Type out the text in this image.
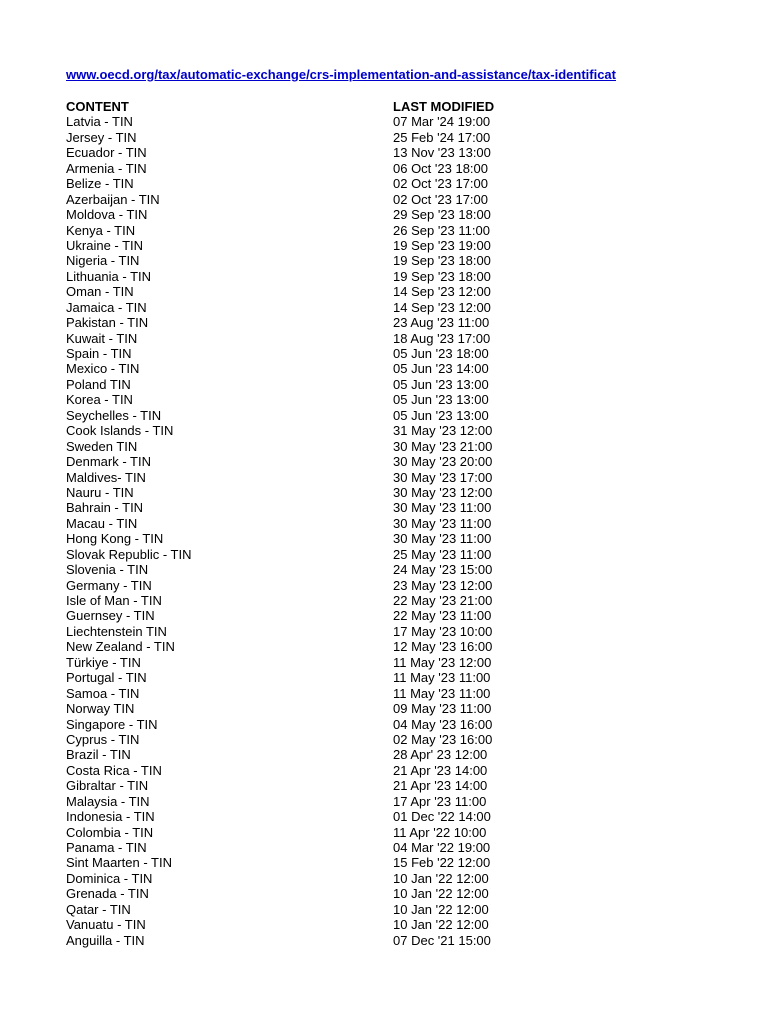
www.oecd.org/tax/automatic-exchange/crs-implementation-and-assistance/tax-identificat
CONTENT	LAST MODIFIED
Latvia - TIN	07 Mar '24 19:00
Jersey - TIN	25 Feb '24 17:00
Ecuador - TIN	13 Nov '23 13:00
Armenia - TIN	06 Oct '23 18:00
Belize - TIN	02 Oct '23 17:00
Azerbaijan - TIN	02 Oct '23 17:00
Moldova - TIN	29 Sep '23 18:00
Kenya - TIN	26 Sep '23 11:00
Ukraine - TIN	19 Sep '23 19:00
Nigeria - TIN	19 Sep '23 18:00
Lithuania - TIN	19 Sep '23 18:00
Oman - TIN	14 Sep '23 12:00
Jamaica - TIN	14 Sep '23 12:00
Pakistan - TIN	23 Aug '23 11:00
Kuwait - TIN	18 Aug '23 17:00
Spain - TIN	05 Jun '23 18:00
Mexico - TIN	05 Jun '23 14:00
Poland TIN	05 Jun '23 13:00
Korea - TIN	05 Jun '23 13:00
Seychelles - TIN	05 Jun '23 13:00
Cook Islands - TIN	31 May '23 12:00
Sweden TIN	30 May '23 21:00
Denmark - TIN	30 May '23 20:00
Maldives- TIN	30 May '23 17:00
Nauru - TIN	30 May '23 12:00
Bahrain - TIN	30 May '23 11:00
Macau - TIN	30 May '23 11:00
Hong Kong - TIN	30 May '23 11:00
Slovak Republic - TIN	25 May '23 11:00
Slovenia - TIN	24 May '23 15:00
Germany - TIN	23 May '23 12:00
Isle of Man - TIN	22 May '23 21:00
Guernsey - TIN	22 May '23 11:00
Liechtenstein TIN	17 May '23 10:00
New Zealand - TIN	12 May '23 16:00
Türkiye - TIN	11 May '23 12:00
Portugal - TIN	11 May '23 11:00
Samoa - TIN	11 May '23 11:00
Norway TIN	09 May '23 11:00
Singapore - TIN	04 May '23 16:00
Cyprus - TIN	02 May '23 16:00
Brazil - TIN	28 Apr' 23 12:00
Costa Rica - TIN	21 Apr '23 14:00
Gibraltar - TIN	21 Apr '23 14:00
Malaysia - TIN	17 Apr '23 11:00
Indonesia - TIN	01 Dec '22 14:00
Colombia - TIN	11 Apr '22 10:00
Panama - TIN	04 Mar '22 19:00
Sint Maarten - TIN	15 Feb '22 12:00
Dominica - TIN	10 Jan '22 12:00
Grenada - TIN	10 Jan '22 12:00
Qatar - TIN	10 Jan '22 12:00
Vanuatu - TIN	10 Jan '22 12:00
Anguilla - TIN	07 Dec '21 15:00
